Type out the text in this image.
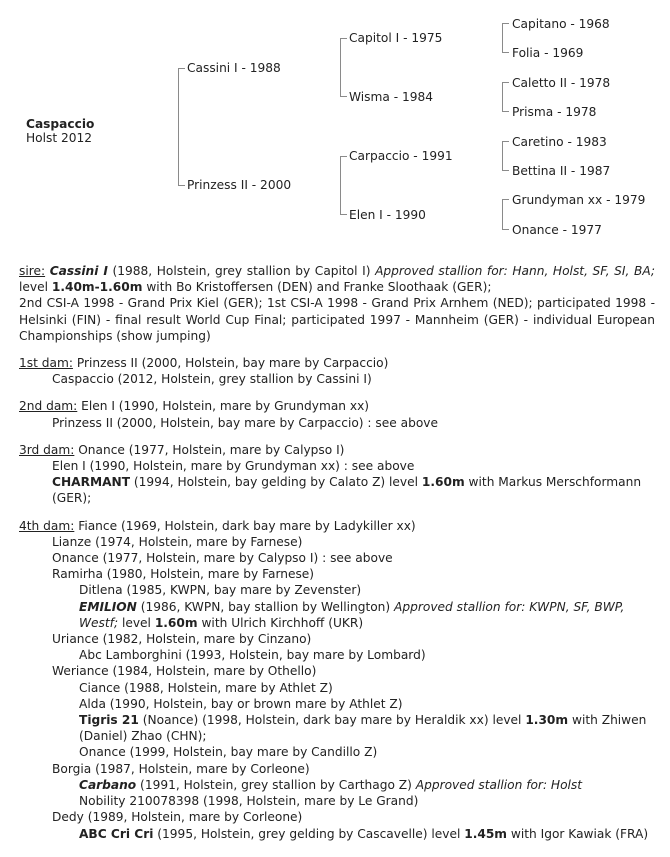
Caspaccio
Holst 2012
Cassini I - 1988
Prinzess II - 2000
Capitol I - 1975
Wisma - 1984
Carpaccio - 1991
Elen I - 1990
Capitano - 1968
Folia - 1969
Caletto II - 1978
Prisma - 1978
Caretino - 1983
Bettina II - 1987
Grundyman xx - 1979
Onance - 1977
sire: Cassini I (1988, Holstein, grey stallion by Capitol I) Approved stallion for: Hann, Holst, SF, SI, BA; level 1.40m-1.60m with Bo Kristoffersen (DEN) and Franke Sloothaak (GER);
2nd CSI-A 1998 - Grand Prix Kiel (GER); 1st CSI-A 1998 - Grand Prix Arnhem (NED); participated 1998 - Helsinki (FIN) - final result World Cup Final; participated 1997 - Mannheim (GER) - individual European Championships (show jumping)
1st dam: Prinzess II (2000, Holstein, bay mare by Carpaccio)
Caspaccio (2012, Holstein, grey stallion by Cassini I)
2nd dam: Elen I (1990, Holstein, mare by Grundyman xx)
Prinzess II (2000, Holstein, bay mare by Carpaccio) : see above
3rd dam: Onance (1977, Holstein, mare by Calypso I)
Elen I (1990, Holstein, mare by Grundyman xx) : see above
CHARMANT (1994, Holstein, bay gelding by Calato Z) level 1.60m with Markus Merschformann (GER);
4th dam: Fiance (1969, Holstein, dark bay mare by Ladykiller xx)
Lianze (1974, Holstein, mare by Farnese)
Onance (1977, Holstein, mare by Calypso I) : see above
Ramirha (1980, Holstein, mare by Farnese)
Ditlena (1985, KWPN, bay mare by Zevenster)
EMILION (1986, KWPN, bay stallion by Wellington) Approved stallion for: KWPN, SF, BWP, Westf; level 1.60m with Ulrich Kirchhoff (UKR)
Uriance (1982, Holstein, mare by Cinzano)
Abc Lamborghini (1993, Holstein, bay mare by Lombard)
Weriance (1984, Holstein, mare by Othello)
Ciance (1988, Holstein, mare by Athlet Z)
Alda (1990, Holstein, bay or brown mare by Athlet Z)
Tigris 21 (Noance) (1998, Holstein, dark bay mare by Heraldik xx) level 1.30m with Zhiwen (Daniel) Zhao (CHN);
Onance (1999, Holstein, bay mare by Candillo Z)
Borgia (1987, Holstein, mare by Corleone)
Carbano (1991, Holstein, grey stallion by Carthago Z) Approved stallion for: Holst
Nobility 210078398 (1998, Holstein, mare by Le Grand)
Dedy (1989, Holstein, mare by Corleone)
ABC Cri Cri (1995, Holstein, grey gelding by Cascavelle) level 1.45m with Igor Kawiak (FRA)
